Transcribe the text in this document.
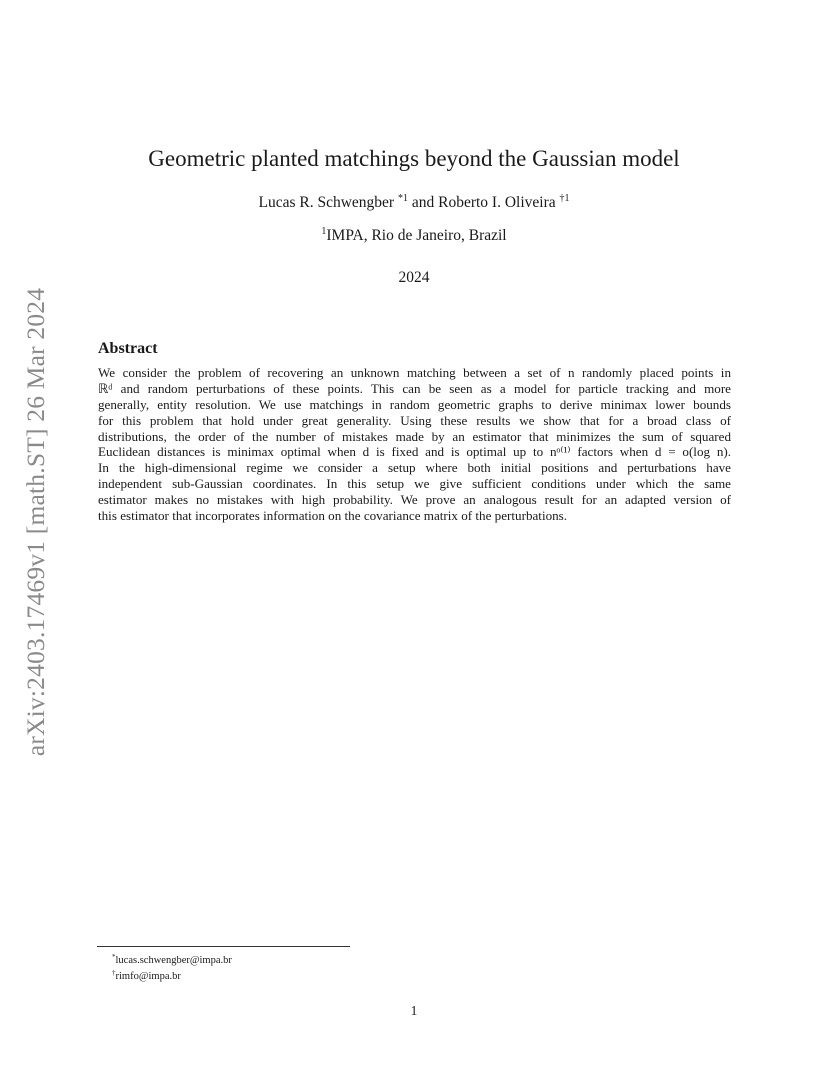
arXiv:2403.17469v1 [math.ST] 26 Mar 2024
Geometric planted matchings beyond the Gaussian model
Lucas R. Schwengber $^{*1}$ and Roberto I. Oliveira $^{\dagger 1}$
$^1$IMPA, Rio de Janeiro, Brazil
2024
Abstract
We consider the problem of recovering an unknown matching between a set of n randomly placed points in
ℝᵈ and random perturbations of these points. This can be seen as a model for particle tracking and more
generally, entity resolution. We use matchings in random geometric graphs to derive minimax lower bounds
for this problem that hold under great generality. Using these results we show that for a broad class of
distributions, the order of the number of mistakes made by an estimator that minimizes the sum of squared
Euclidean distances is minimax optimal when d is fixed and is optimal up to nᵒ⁽¹⁾ factors when d = o(log n).
In the high-dimensional regime we consider a setup where both initial positions and perturbations have
independent sub-Gaussian coordinates. In this setup we give sufficient conditions under which the same
estimator makes no mistakes with high probability. We prove an analogous result for an adapted version of
this estimator that incorporates information on the covariance matrix of the perturbations.
*lucas.schwengber@impa.br
†rimfo@impa.br
1
